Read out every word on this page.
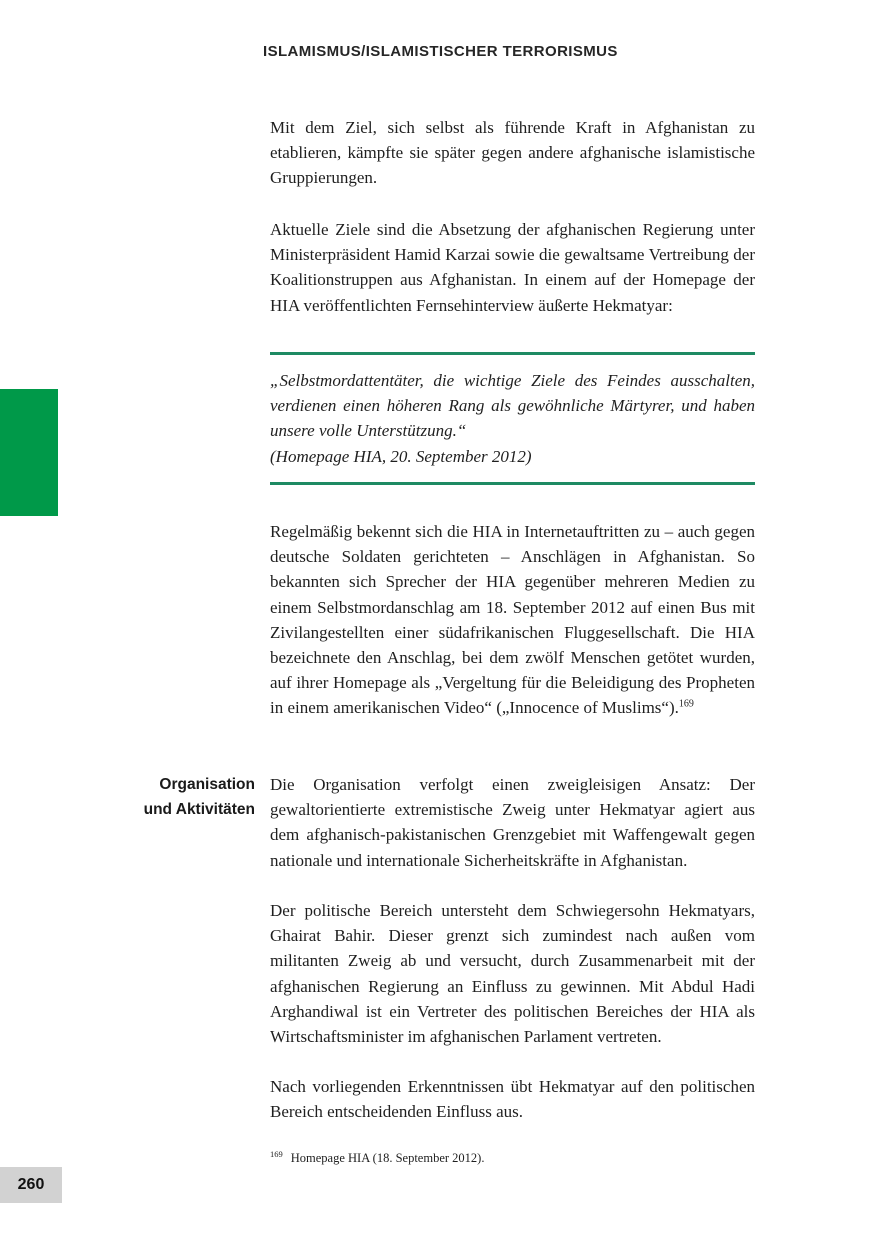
ISLAMISMUS/ISLAMISTISCHER TERRORISMUS
Mit dem Ziel, sich selbst als führende Kraft in Afghanistan zu etablieren, kämpfte sie später gegen andere afghanische islamistische Gruppierungen.
Aktuelle Ziele sind die Absetzung der afghanischen Regierung unter Ministerpräsident Hamid Karzai sowie die gewaltsame Vertreibung der Koalitionstruppen aus Afghanistan. In einem auf der Homepage der HIA veröffentlichten Fernsehinterview äußerte Hekmatyar:
„Selbstmordattentäter, die wichtige Ziele des Feindes ausschalten, verdienen einen höheren Rang als gewöhnliche Märtyrer, und haben unsere volle Unterstützung.“
(Homepage HIA, 20. September 2012)
Regelmäßig bekennt sich die HIA in Internetauftritten zu – auch gegen deutsche Soldaten gerichteten – Anschlägen in Afghanistan. So bekannten sich Sprecher der HIA gegenüber mehreren Medien zu einem Selbstmordanschlag am 18. September 2012 auf einen Bus mit Zivilangestellten einer südafrikanischen Fluggesellschaft. Die HIA bezeichnete den Anschlag, bei dem zwölf Menschen getötet wurden, auf ihrer Homepage als „Vergeltung für die Beleidigung des Propheten in einem amerikanischen Video“ („Innocence of Muslims“).$^{169}$
Organisation
und Aktivitäten
Die Organisation verfolgt einen zweigleisigen Ansatz: Der gewaltorientierte extremistische Zweig unter Hekmatyar agiert aus dem afghanisch-pakistanischen Grenzgebiet mit Waffengewalt gegen nationale und internationale Sicherheitskräfte in Afghanistan.
Der politische Bereich untersteht dem Schwiegersohn Hekmatyars, Ghairat Bahir. Dieser grenzt sich zumindest nach außen vom militanten Zweig ab und versucht, durch Zusammenarbeit mit der afghanischen Regierung an Einfluss zu gewinnen. Mit Abdul Hadi Arghandiwal ist ein Vertreter des politischen Bereiches der HIA als Wirtschaftsminister im afghanischen Parlament vertreten.
Nach vorliegenden Erkenntnissen übt Hekmatyar auf den politischen Bereich entscheidenden Einfluss aus.
$^{169}$ Homepage HIA (18. September 2012).
260
